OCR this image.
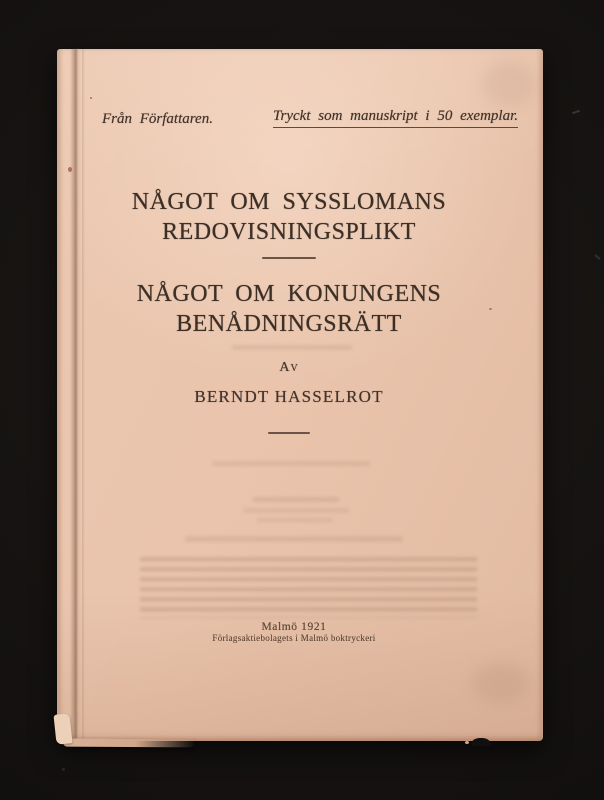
Från Författaren.	Tryckt som manuskript i 50 exemplar.
NÅGOT OM SYSSLOMANS
REDOVISNINGSPLIKT
NÅGOT OM KONUNGENS
BENÅDNINGSRÄTT
Av
BERNDT HASSELROT
Malmö 1921
Förlagsaktiebolagets i Malmö boktryckeri
